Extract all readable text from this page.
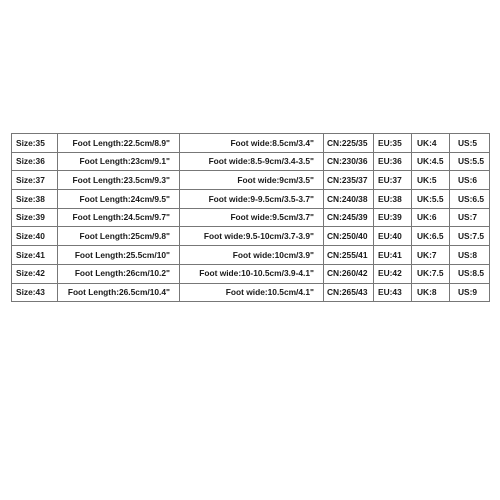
Size:35	Foot Length:22.5cm/8.9"	Foot wide:8.5cm/3.4"	CN:225/35	EU:35	UK:4	US:5
Size:36	Foot Length:23cm/9.1"	Foot wide:8.5-9cm/3.4-3.5"	CN:230/36	EU:36	UK:4.5	US:5.5
Size:37	Foot Length:23.5cm/9.3"	Foot wide:9cm/3.5"	CN:235/37	EU:37	UK:5	US:6
Size:38	Foot Length:24cm/9.5"	Foot wide:9-9.5cm/3.5-3.7"	CN:240/38	EU:38	UK:5.5	US:6.5
Size:39	Foot Length:24.5cm/9.7"	Foot wide:9.5cm/3.7"	CN:245/39	EU:39	UK:6	US:7
Size:40	Foot Length:25cm/9.8"	Foot wide:9.5-10cm/3.7-3.9"	CN:250/40	EU:40	UK:6.5	US:7.5
Size:41	Foot Length:25.5cm/10"	Foot wide:10cm/3.9"	CN:255/41	EU:41	UK:7	US:8
Size:42	Foot Length:26cm/10.2"	Foot wide:10-10.5cm/3.9-4.1"	CN:260/42	EU:42	UK:7.5	US:8.5
Size:43	Foot Length:26.5cm/10.4"	Foot wide:10.5cm/4.1"	CN:265/43	EU:43	UK:8	US:9
